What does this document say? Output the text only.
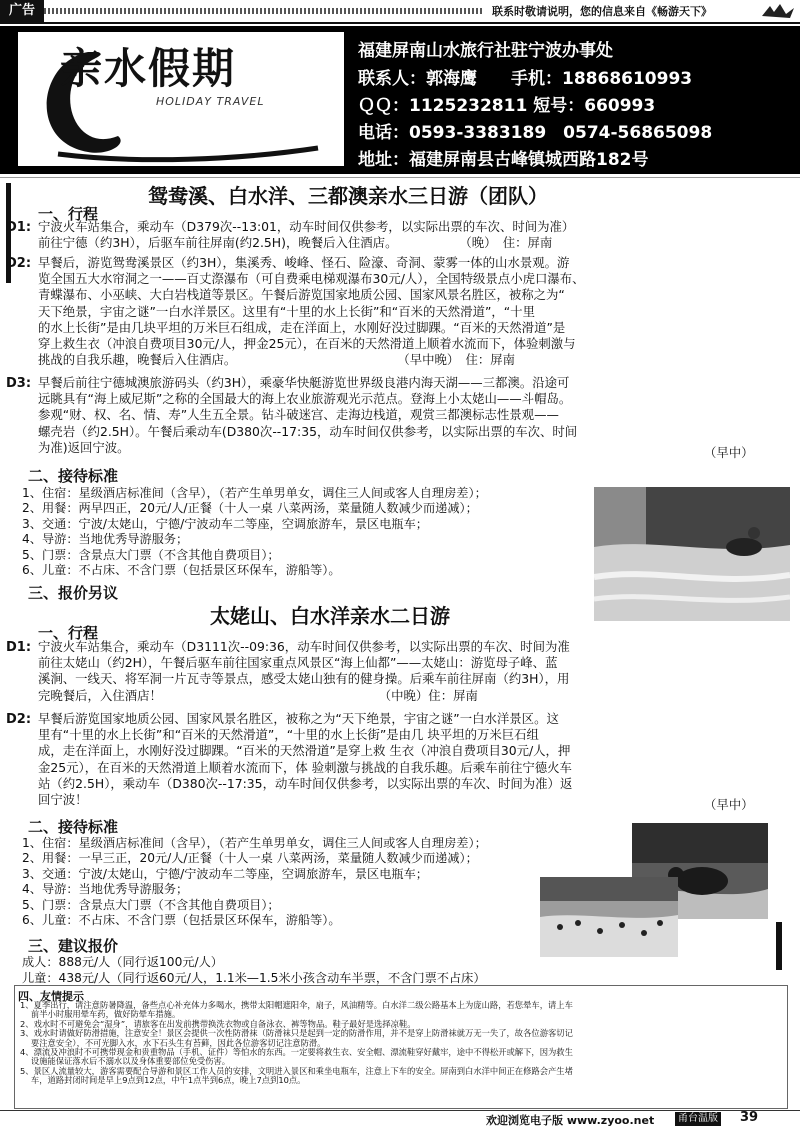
广告	联系时敬请说明，您的信息来自《畅游天下》
亲水假期
HOLIDAY TRAVEL
福建屏南山水旅行社驻宁波办事处
联系人：郭海鹰　　手机：18868610993
ＱＱ：1125232811 短号：660993
电话：0593-3383189　0574-56865098
地址：福建屏南县古峰镇城西路182号
鸳鸯溪、白水洋、三都澳亲水三日游（团队）
一、行程
D1: 宁波火车站集合，乘动车（D379次--13:01，动车时间仅供参考，以实际出票的车次、时间为准）

前往宁德（约3H），后驱车前往屏南(约2.5H)，晚餐后入住酒店。　　　　　　（晚）　住：屏南

D2: 早餐后，游览鸳鸯溪景区（约3H），集溪秀、峻峰、怪石、险濠、奇洞、蒙雾一体的山水景观。游

览全国五大水帘洞之一——百丈漈瀑布（可自费乘电梯观瀑布30元/人），全国特级景点小虎口瀑布、

青蝶瀑布、小巫峡、大白岩栈道等景区。午餐后游览国家地质公园、国家风景名胜区，被称之为“

天下绝景，宇宙之谜”一白水洋景区。这里有“十里的水上长街”和“百米的天然滑道”，“十里

的水上长街”是由几块平坦的万米巨石组成，走在洋面上，水刚好没过脚踝。“百米的天然滑道”是

穿上救生衣（冲浪自费项目30元/人，押金25元），在百米的天然滑道上顺着水流而下，体验刺激与

挑战的自我乐趣，晚餐后入住酒店。　　　　　　　　　　　　　　（早中晚）　住：屏南

D3: 早餐后前往宁德城澳旅游码头（约3H），乘豪华快艇游览世界级良港内海天湖——三都澳。沿途可

远眺具有“海上威尼斯”之称的全国最大的海上农业旅游观光示范点。登海上小太姥山——斗帽岛。

参观“财、权、名、情、寿”人生五全景。钻斗破迷宫、走海边栈道，观赏三都澳标志性景观——

螺壳岩（约2.5H）。午餐后乘动车(D380次--17:35，动车时间仅供参考，以实际出票的车次、时间

为准)返回宁波。	（早中）
二、接待标准

1、住宿：星级酒店标准间（含早），（若产生单男单女，调住三人间或客人自理房差）；

2、用餐：两早四正，20元/人/正餐（十人一桌 八菜两汤，菜量随人数减少而递减）；

3、交通：宁波/太姥山，宁德/宁波动车二等座，空调旅游车，景区电瓶车；

4、导游：当地优秀导游服务；

5、门票：含景点大门票（不含其他自费项目）；

6、儿童：不占床、不含门票（包括景区环保车，游船等）。

三、报价另议
太姥山、白水洋亲水二日游
一、行程
D1: 宁波火车站集合，乘动车（D3111次--09:36，动车时间仅供参考，以实际出票的车次、时间为准

前往太姥山（约2H），午餐后驱车前往国家重点风景区“海上仙都”——太姥山：游览母子峰、蓝

溪涧、一线天、将军洞一片瓦寺等景点，感受太姥山独有的健身操。后乘车前往屏南（约3H），用

完晚餐后，入住酒店！　　　　　　　　　　　　　　　　　　（中晚）住：屏南

D2: 早餐后游览国家地质公园、国家风景名胜区，被称之为“天下绝景，宇宙之谜”一白水洋景区。这

里有“十里的水上长街”和“百米的天然滑道”，“十里的水上长街”是由几 块平坦的万米巨石组

成，走在洋面上，水刚好没过脚踝。“百米的天然滑道”是穿上救 生衣（冲浪自费项目30元/人，押

金25元），在百米的天然滑道上顺着水流而下，体 验刺激与挑战的自我乐趣。后乘车前往宁德火车

站（约2.5H），乘动车（D380次--17:35，动车时间仅供参考，以实际出票的车次、时间为准）返

回宁波！	（早中）
二、接待标准

1、住宿：星级酒店标准间（含早），（若产生单男单女，调住三人间或客人自理房差）；

2、用餐：一早三正，20元/人/正餐（十人一桌 八菜两汤，菜量随人数减少而递减）；

3、交通：宁波/太姥山，宁德/宁波动车二等座，空调旅游车，景区电瓶车；

4、导游：当地优秀导游服务；

5、门票：含景点大门票（不含其他自费项目）；

6、儿童：不占床、不含门票（包括景区环保车，游船等）。

三、建议报价
成人：888元/人（同行返100元/人）
儿童：438元/人（同行返60元/人，1.1米—1.5米小孩含动车半票，不含门票不占床）
四、友情提示

1、夏季出行，请注意防暑降温，备些点心补充体力多喝水，携带太阳帽遮阳伞，扇子，风油精等。白水洋二级公路基本上为庞山路，若您晕车，请上车

　 前半小时服用晕车药，做好防晕车措施。

2、戏水时不可避免会“湿身”，请旅客在出发前携带换洗衣物或自备泳衣、裤等物品。鞋子最好是选择凉鞋。

3、戏水时请做好防滑措施，注意安全！景区会提供一次性防滑袜（防滑袜只是起到一定的防滑作用，并不是穿上防滑袜就万无一失了，故各位游客切记

　 要注意安全），不可光脚入水，水下石头生有苔藓，因此各位游客切记注意防滑。

4、漂流及冲浪时不可携带现金和贵重物品（手机、证件）等怕水的东西。一定要将救生衣、安全帽、漂流鞋穿好戴牢，途中不得松开或解下，因为救生

　 设施能保证落水后不溺水以及身体重要部位免受伤害。

5、景区人流量较大，游客需要配合导游和景区工作人员的安排，文明进入景区和乘坐电瓶车，注意上下车的安全。屏南到白水洋中间正在修路会产生堵

　 车，道路封闭时间是早上9点到12点，中午1点半到6点，晚上7点到10点。

欢迎浏览电子版 www.zyoo.net	甬台温版 39
